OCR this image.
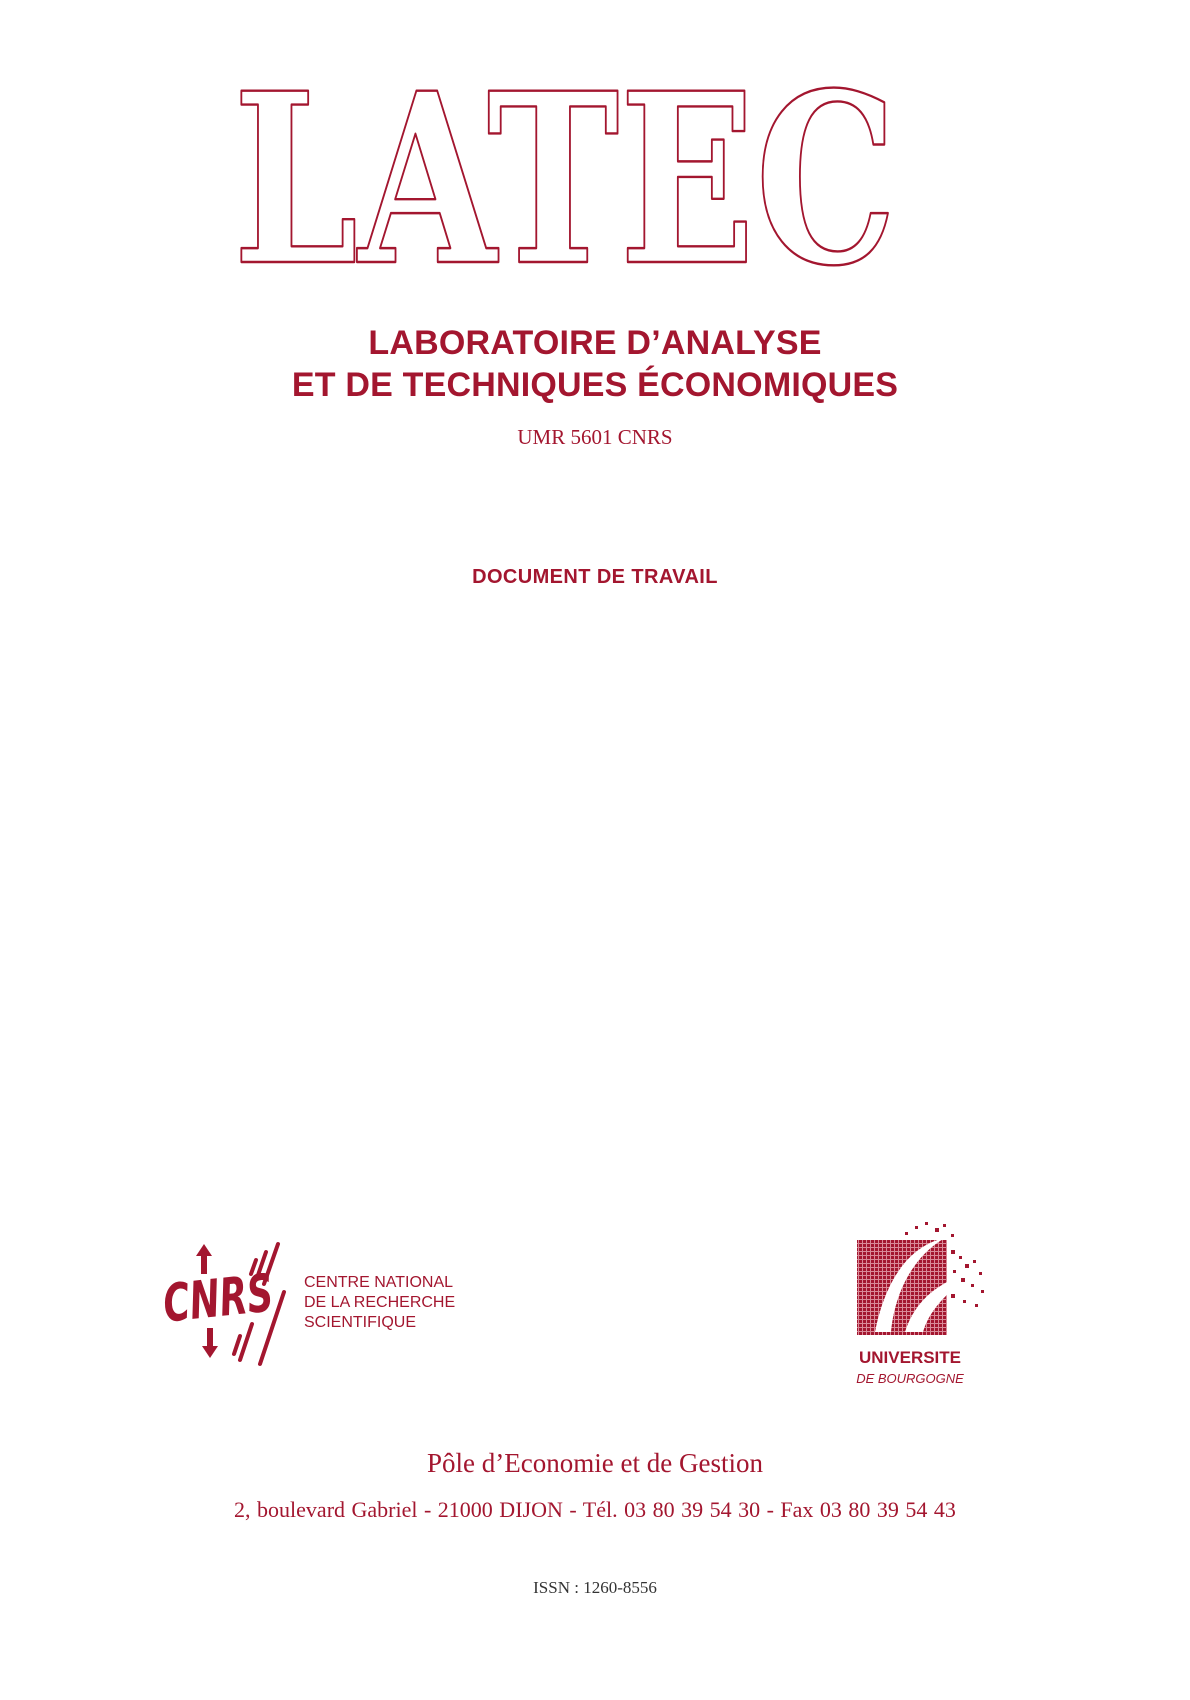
LATEC
LABORATOIRE D’ANALYSE
ET DE TECHNIQUES ÉCONOMIQUES
UMR 5601 CNRS
DOCUMENT DE TRAVAIL
CNRS
CENTRE NATIONAL
DE LA RECHERCHE
SCIENTIFIQUE
UNIVERSITE
DE BOURGOGNE
Pôle d’Economie et de Gestion
2, boulevard Gabriel - 21000 DIJON - Tél. 03 80 39 54 30 - Fax 03 80 39 54 43
ISSN : 1260-8556
